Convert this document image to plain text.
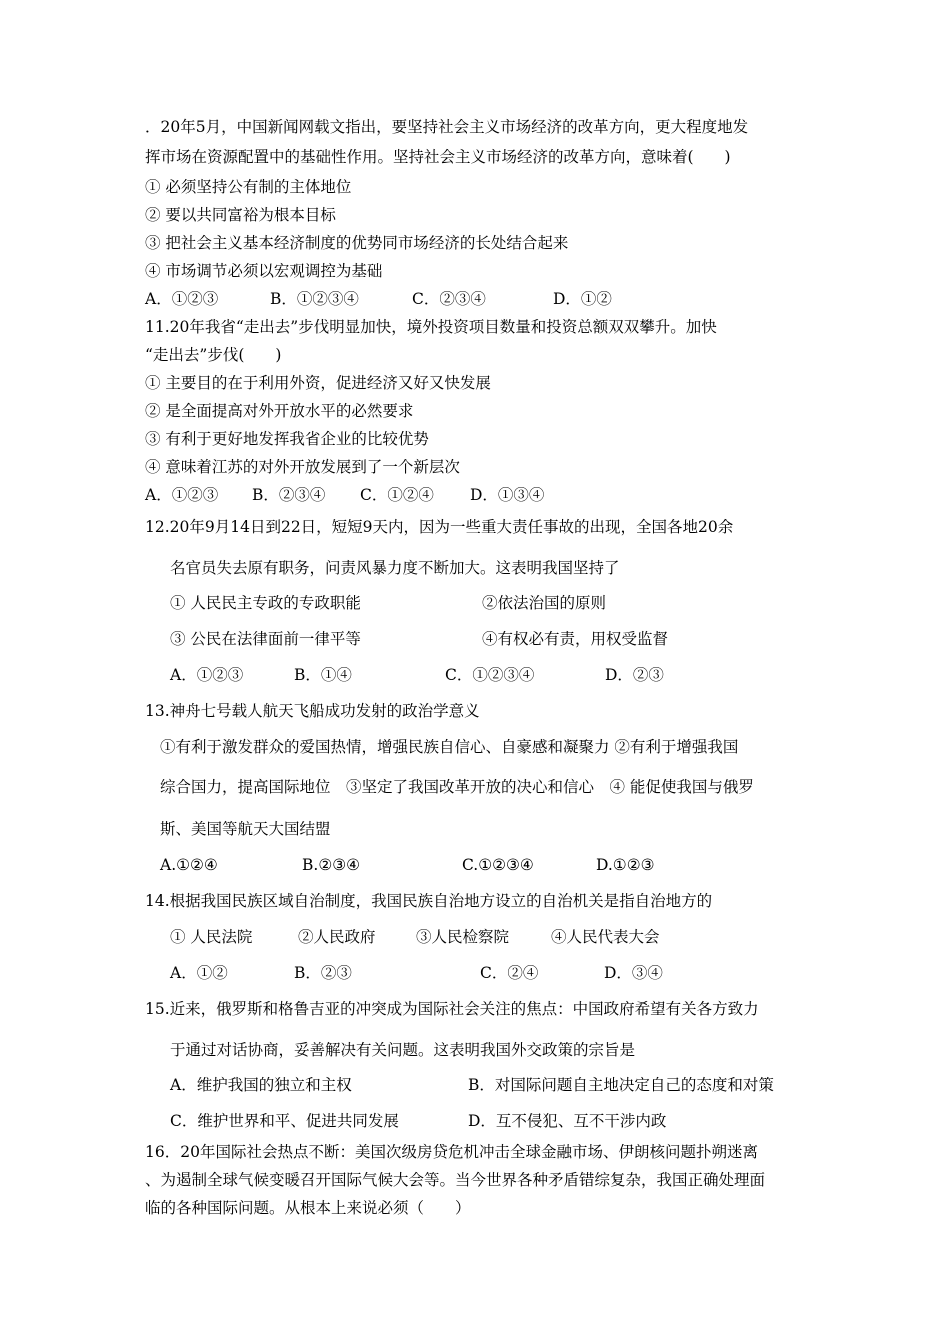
．20年5月，中国新闻网载文指出，要坚持社会主义市场经济的改革方向，更大程度地发
挥市场在资源配置中的基础性作用。坚持社会主义市场经济的改革方向，意味着(　　)
① 必须坚持公有制的主体地位
② 要以共同富裕为根本目标
③ 把社会主义基本经济制度的优势同市场经济的长处结合起来
④ 市场调节必须以宏观调控为基础
A．①②③	B．①②③④	C．②③④	D．①②
11.20年我省“走出去”步伐明显加快，境外投资项目数量和投资总额双双攀升。加快
“走出去”步伐(　　)
① 主要目的在于利用外资，促进经济又好又快发展
② 是全面提高对外开放水平的必然要求
③ 有利于更好地发挥我省企业的比较优势
④ 意味着江苏的对外开放发展到了一个新层次
A．①②③ B．②③④ C．①②④ D．①③④
12.20年9月14日到22日，短短9天内，因为一些重大责任事故的出现，全国各地20余
名官员失去原有职务，问责风暴力度不断加大。这表明我国坚持了
① 人民民主专政的专政职能	②依法治国的原则
③ 公民在法律面前一律平等	④有权必有责，用权受监督
A．①②③	B．①④	C．①②③④	D．②③
13.神舟七号载人航天飞船成功发射的政治学意义
①有利于激发群众的爱国热情，增强民族自信心、自豪感和凝聚力 ②有利于增强我国
综合国力，提高国际地位　③坚定了我国改革开放的决心和信心　④ 能促使我国与俄罗
斯、美国等航天大国结盟
A.①②④	B.②③④	C.①②③④	D.①②③
14.根据我国民族区域自治制度，我国民族自治地方设立的自治机关是指自治地方的
① 人民法院	②人民政府	③人民检察院	④人民代表大会
A．①②	B．②③	C．②④	D．③④
15.近来，俄罗斯和格鲁吉亚的冲突成为国际社会关注的焦点：中国政府希望有关各方致力
于通过对话协商，妥善解决有关问题。这表明我国外交政策的宗旨是
A．维护我国的独立和主权	B．对国际问题自主地决定自己的态度和对策
C．维护世界和平、促进共同发展	D．互不侵犯、互不干涉内政
16．20年国际社会热点不断：美国次级房贷危机冲击全球金融市场、伊朗核问题扑朔迷离
、为遏制全球气候变暖召开国际气候大会等。当今世界各种矛盾错综复杂，我国正确处理面
临的各种国际问题。从根本上来说必须（　　）
